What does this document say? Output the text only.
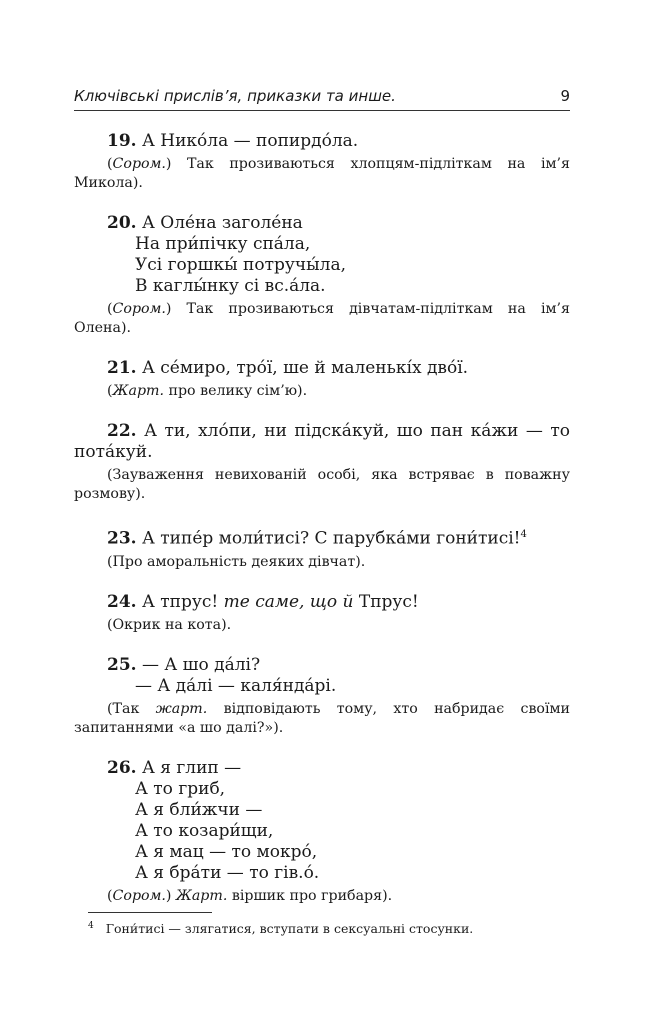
Ключівські прислів’я, приказки та инше.	9
19. А Нико́ла — попирдо́ла.
(Сором.) Так прозиваються хлопцям-підліткам на ім’я Микола).
20. А Оле́на заголе́на
На при́пічку спа́ла,
Усі горшкы́ потручы́ла,
В каглы́нку сі вс.а́ла.
(Сором.) Так прозиваються дівчатам-підліткам на ім’я Олена).
21. А се́миро, тро́ї, ше й маленькі́х дво́ї.
(Жарт. про велику сім’ю).
22. А ти, хло́пи, ни підска́куй, шо пан ка́жи — то пота́куй.
(Зауваження невихованій особі, яка встряває в поважну розмову).
23. А типе́р моли́тисі? С парубка́ми гони́тисі!$^4$
(Про аморальність деяких дівчат).
24. А тпрус! те саме, що й Тпрус!
(Окрик на кота).
25. — А шо да́лі?
— А да́лі — каля́нда́рі.
(Так жарт. відповідають тому, хто набридає своїми запитаннями «а шо далі?»).
26. А я глип —
А то гриб,
А я бли́жчи —
А то козари́щи,
А я мац — то мокро́,
А я бра́ти — то гів.о́.
(Сором.) Жарт. віршик про грибаря).
$^4$ Гони́тисі — злягатися, вступати в сексуальні стосунки.
